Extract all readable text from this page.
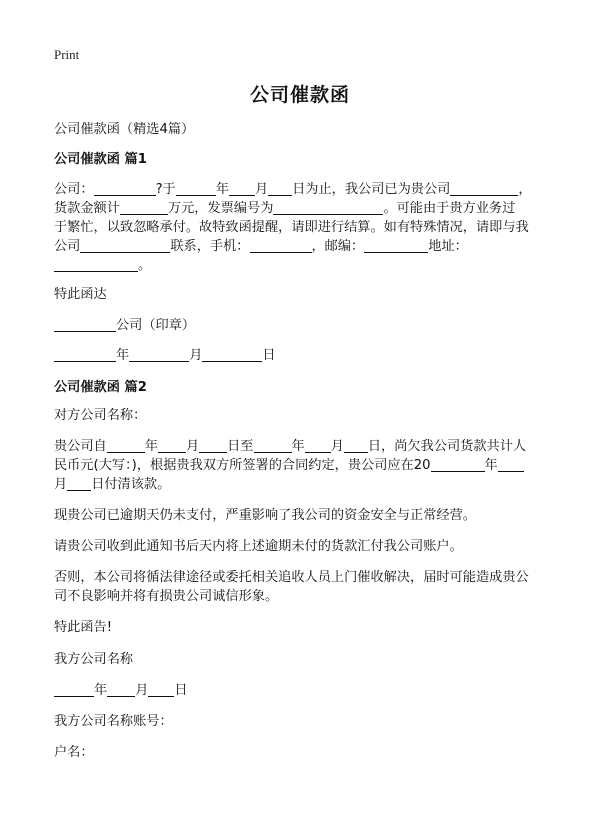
Print
公司催款函
公司催款函（精选4篇）
公司催款函 篇1
公司：	?于	年 月 日为止，我公司已为贵公司	，
货款金额计	万元，发票编号为	。可能由于贵方业务过
于繁忙，以致忽略承付。故特致函提醒，请即进行结算。如有特殊情况，请即与我
公司	联系，手机：	，邮编：	地址：
。
特此函达
公司（印章）
年	月	日
公司催款函 篇2
对方公司名称：
贵公司自	年 月 日至	年 月 日，尚欠我公司货款共计人
民币元(大写：)，根据贵我双方所签署的合同约定，贵公司应在20	年
月 日付清该款。
现贵公司已逾期天仍未支付，严重影响了我公司的资金安全与正常经营。
请贵公司收到此通知书后天内将上述逾期未付的货款汇付我公司账户。
否则，本公司将循法律途径或委托相关追收人员上门催收解决，届时可能造成贵公
司不良影响并将有损贵公司诚信形象。
特此函告!
我方公司名称
年 月 日
我方公司名称账号：
户名：
